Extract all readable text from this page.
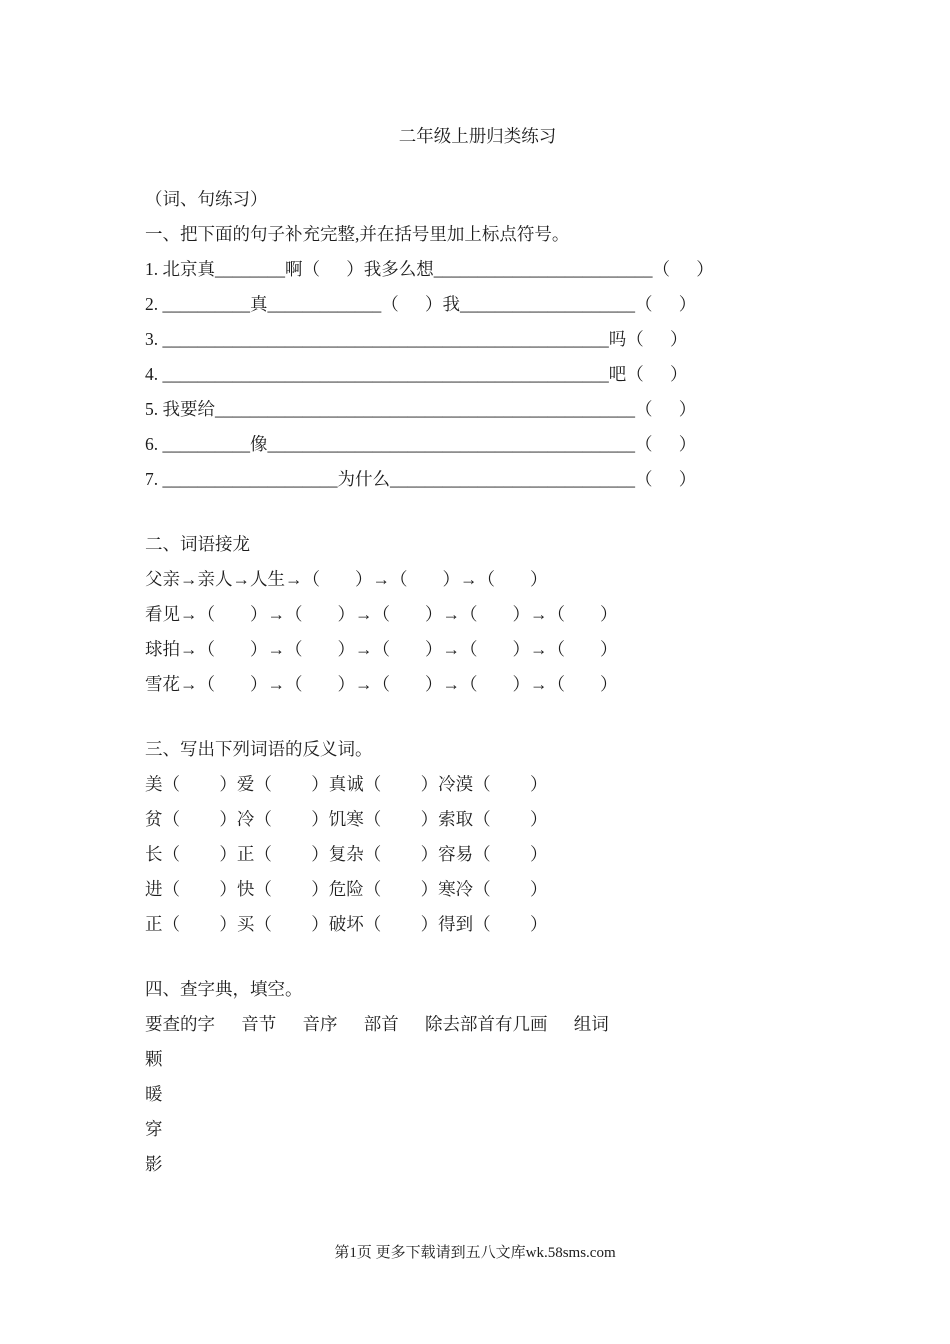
二年级上册归类练习
（词、句练习）
一、把下面的句子补充完整,并在括号里加上标点符号。
1. 北京真________啊（      ）我多么想_________________________（      ）
2. __________真_____________（      ）我____________________（      ）
3. ___________________________________________________吗（      ）
4. ___________________________________________________吧（      ）
5. 我要给________________________________________________（      ）
6. __________像__________________________________________（      ）
7. ____________________为什么____________________________（      ）
二、词语接龙
父亲→亲人→人生→（        ）→（        ）→（        ）
看见→（        ）→（        ）→（        ）→（        ）→（        ）
球拍→（        ）→（        ）→（        ）→（        ）→（        ）
雪花→（        ）→（        ）→（        ）→（        ）→（        ）
三、写出下列词语的反义词。
美（         ）爱（         ）真诚（         ）冷漠（         ）
贫（         ）冷（         ）饥寒（         ）索取（         ）
长（         ）正（         ）复杂（         ）容易（         ）
进（         ）快（         ）危险（         ）寒冷（         ）
正（         ）买（         ）破坏（         ）得到（         ）
四、查字典，填空。
要查的字      音节      音序      部首      除去部首有几画      组词
颗
暖
穿
影
第1页 更多下载请到五八文库wk.58sms.com
